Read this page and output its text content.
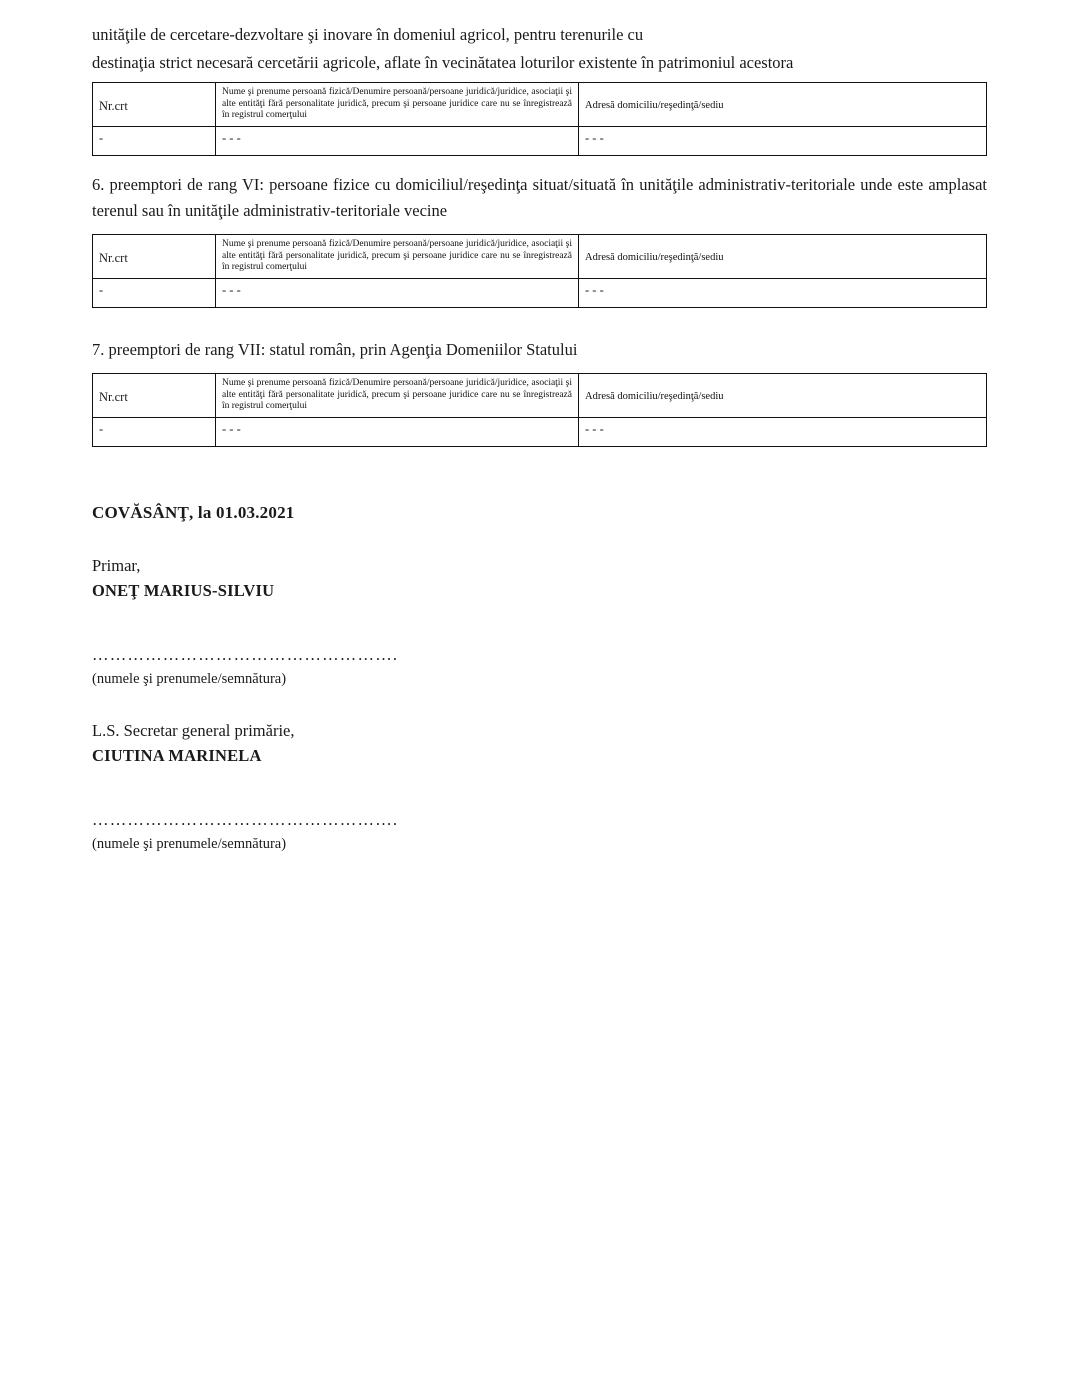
unităţile de cercetare-dezvoltare şi inovare în domeniul agricol, pentru terenurile cu
destinaţia strict necesară cercetării agricole, aflate în vecinătatea loturilor existente în patrimoniul acestora
Nr.crt	Nume şi prenume persoană fizică/Denumire persoană/persoane juridică/juridice, asociaţii şi alte entităţi fără personalitate juridică, precum şi persoane juridice care nu se înregistrează în registrul comerţului	Adresă domiciliu/reşedinţă/sediu

-	- - -	- - -
6. preemptori de rang VI: persoane fizice cu domiciliul/reşedinţa situat/situată în unităţile administrativ-teritoriale unde este amplasat terenul sau în unităţile administrativ-teritoriale vecine
Nr.crt	Nume şi prenume persoană fizică/Denumire persoană/persoane juridică/juridice, asociaţii şi alte entităţi fără personalitate juridică, precum şi persoane juridice care nu se înregistrează în registrul comerţului	Adresă domiciliu/reşedinţă/sediu

-	- - -	- - -
7. preemptori de rang VII: statul român, prin Agenţia Domeniilor Statului
Nr.crt	Nume şi prenume persoană fizică/Denumire persoană/persoane juridică/juridice, asociaţii şi alte entităţi fără personalitate juridică, precum şi persoane juridice care nu se înregistrează în registrul comerţului	Adresă domiciliu/reşedinţă/sediu

-	- - -	- - -
COVĂSÂNŢ, la 01.03.2021
Primar,
ONEŢ MARIUS-SILVIU
…………………………………………….
(numele şi prenumele/semnătura)
L.S. Secretar general primărie,
CIUTINA MARINELA
…………………………………………….
(numele şi prenumele/semnătura)
